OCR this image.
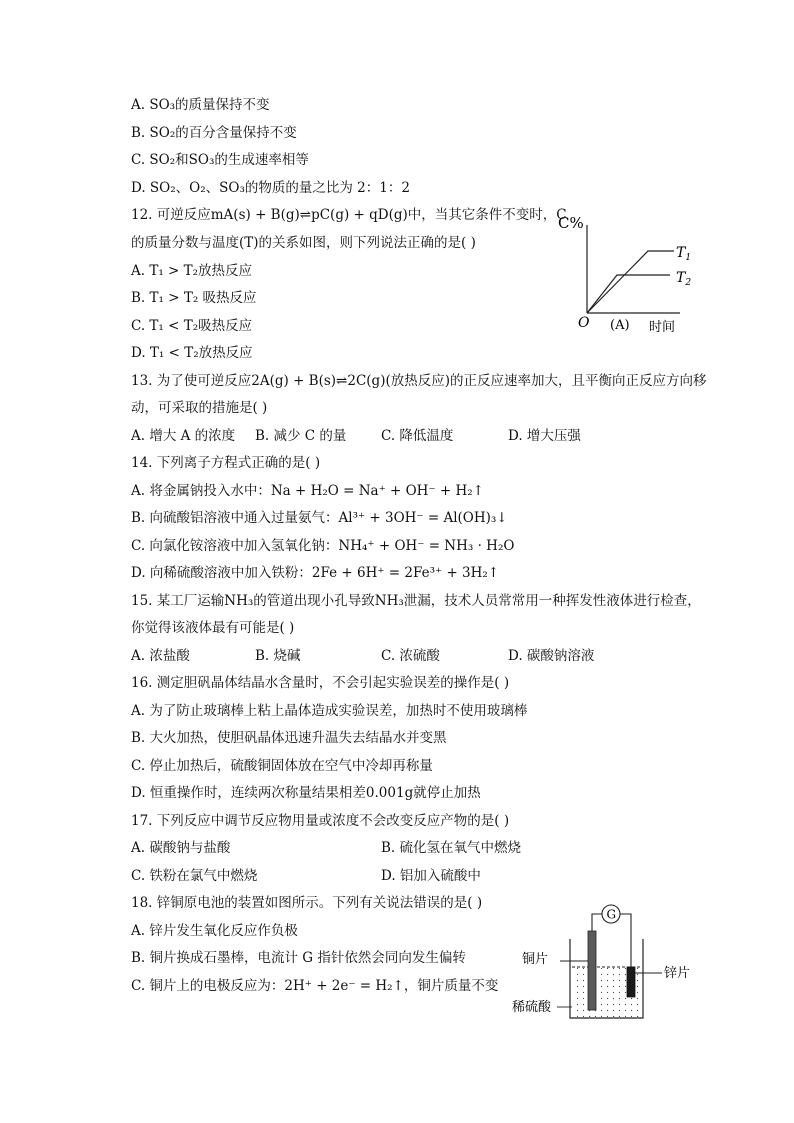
A. SO₃的质量保持不变
B. SO₂的百分含量保持不变
C. SO₂和SO₃的生成速率相等
D. SO₂、O₂、SO₃的物质的量之比为 2：1：2
12. 可逆反应mA(s) + B(g)⇌pC(g) + qD(g)中，当其它条件不变时，C
的质量分数与温度(T)的关系如图，则下列说法正确的是( )
A. T₁ > T₂放热反应
B. T₁ > T₂ 吸热反应
C. T₁ < T₂吸热反应
D. T₁ < T₂放热反应
13. 为了使可逆反应2A(g) + B(s)⇌2C(g)(放热反应)的正反应速率加大，且平衡向正反应方向移
动，可采取的措施是( )
14. 下列离子方程式正确的是( )
A. 将金属钠投入水中：Na + H₂O = Na⁺ + OH⁻ + H₂↑
B. 向硫酸铝溶液中通入过量氨气：Al³⁺ + 3OH⁻ = Al(OH)₃↓
C. 向氯化铵溶液中加入氢氧化钠：NH₄⁺ + OH⁻ = NH₃ · H₂O
D. 向稀硫酸溶液中加入铁粉：2Fe + 6H⁺ = 2Fe³⁺ + 3H₂↑
15. 某工厂运输NH₃的管道出现小孔导致NH₃泄漏，技术人员常常用一种挥发性液体进行检查，
你觉得该液体最有可能是( )
16. 测定胆矾晶体结晶水含量时，不会引起实验误差的操作是( )
A. 为了防止玻璃棒上粘上晶体造成实验误差，加热时不使用玻璃棒
B. 大火加热，使胆矾晶体迅速升温失去结晶水并变黑
C. 停止加热后，硫酸铜固体放在空气中冷却再称量
D. 恒重操作时，连续两次称量结果相差0.001g就停止加热
17. 下列反应中调节反应物用量或浓度不会改变反应产物的是( )
18. 锌铜原电池的装置如图所示。下列有关说法错误的是( )
A. 锌片发生氧化反应作负极
B. 铜片换成石墨棒，电流计 G 指针依然会同向发生偏转
C. 铜片上的电极反应为：2H⁺ + 2e⁻ = H₂↑，铜片质量不变
A. 增大 A 的浓度 B. 减少 C 的量	C. 降低温度	D. 增大压强
A. 浓盐酸	B. 烧碱	C. 浓硫酸	D. 碳酸钠溶液
A. 碳酸钠与盐酸	B. 硫化氢在氧气中燃烧
C. 铁粉在氯气中燃烧	D. 铝加入硫酸中
C%
$T_1$
$T_2$
O (A) 时间
G
铜片
锌片
稀硫酸
